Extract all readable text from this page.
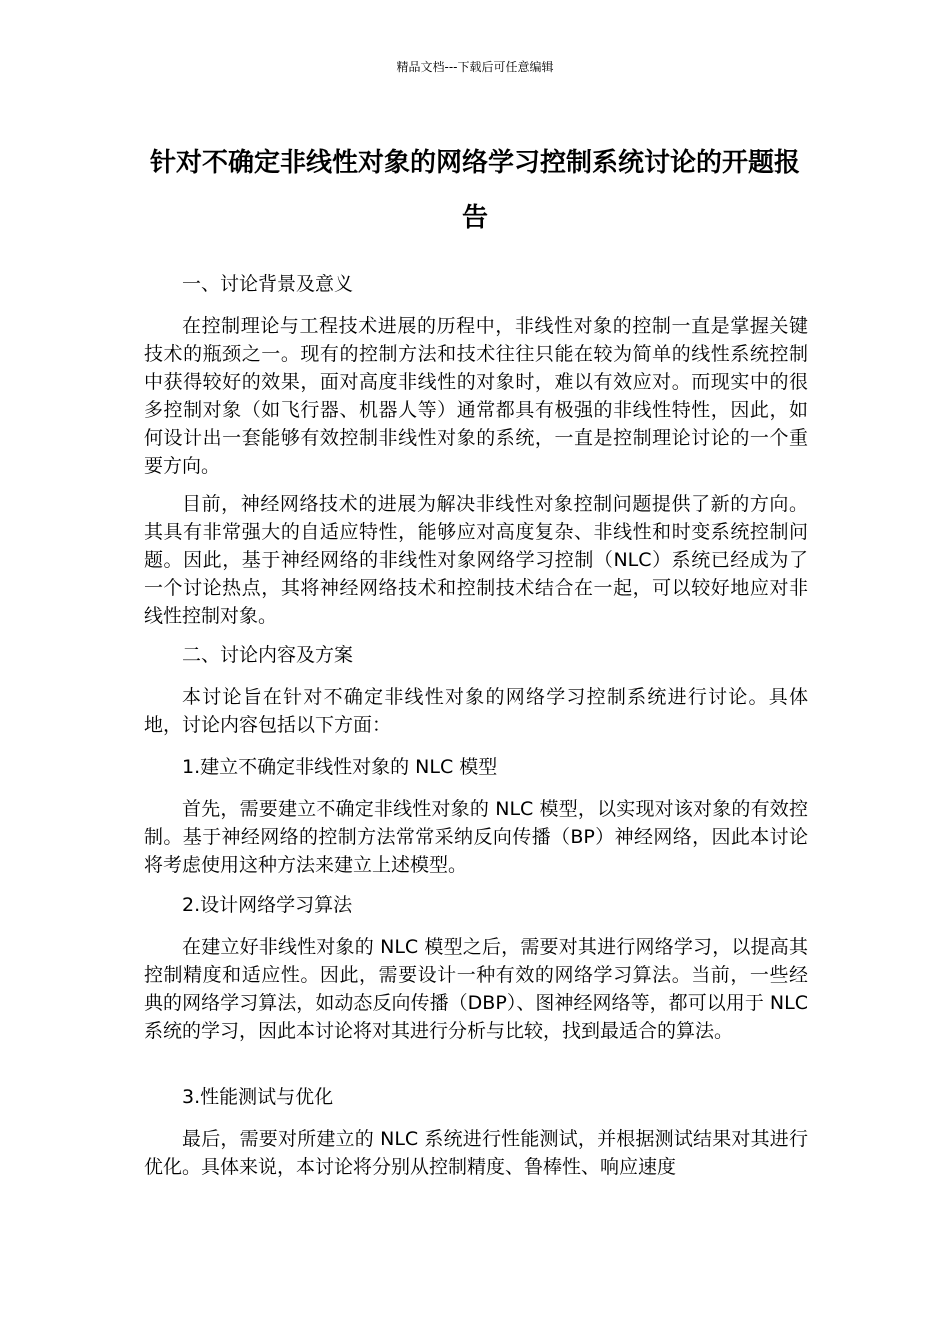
精品文档---下载后可任意编辑
针对不确定非线性对象的网络学习控制系统讨论的开题报告

一、讨论背景及意义

在控制理论与工程技术进展的历程中，非线性对象的控制一直是掌握关键技术的瓶颈之一。现有的控制方法和技术往往只能在较为简单的线性系统控制中获得较好的效果，面对高度非线性的对象时，难以有效应对。而现实中的很多控制对象（如飞行器、机器人等）通常都具有极强的非线性特性，因此，如何设计出一套能够有效控制非线性对象的系统，一直是控制理论讨论的一个重要方向。

目前，神经网络技术的进展为解决非线性对象控制问题提供了新的方向。其具有非常强大的自适应特性，能够应对高度复杂、非线性和时变系统控制问题。因此，基于神经网络的非线性对象网络学习控制（NLC）系统已经成为了一个讨论热点，其将神经网络技术和控制技术结合在一起，可以较好地应对非线性控制对象。

二、讨论内容及方案

本讨论旨在针对不确定非线性对象的网络学习控制系统进行讨论。具体地，讨论内容包括以下方面：

1.建立不确定非线性对象的 NLC 模型

首先，需要建立不确定非线性对象的 NLC 模型，以实现对该对象的有效控制。基于神经网络的控制方法常常采纳反向传播（BP）神经网络，因此本讨论将考虑使用这种方法来建立上述模型。

2.设计网络学习算法

在建立好非线性对象的 NLC 模型之后，需要对其进行网络学习，以提高其控制精度和适应性。因此，需要设计一种有效的网络学习算法。当前，一些经典的网络学习算法，如动态反向传播（DBP）、图神经网络等，都可以用于 NLC 系统的学习，因此本讨论将对其进行分析与比较，找到最适合的算法。

3.性能测试与优化

最后，需要对所建立的 NLC 系统进行性能测试，并根据测试结果对其进行优化。具体来说，本讨论将分别从控制精度、鲁棒性、响应速度
